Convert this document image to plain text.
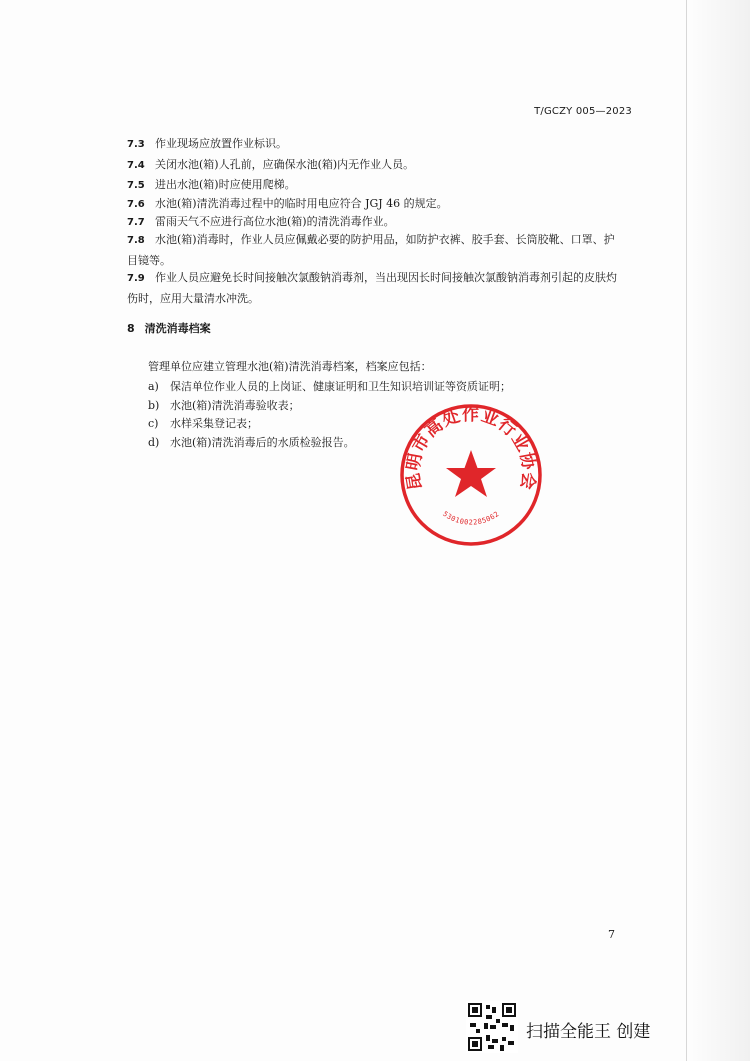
T/GCZY 005—2023
7.3 作业现场应放置作业标识。
7.4 关闭水池(箱)人孔前，应确保水池(箱)内无作业人员。
7.5 进出水池(箱)时应使用爬梯。
7.6 水池(箱)清洗消毒过程中的临时用电应符合 JGJ 46 的规定。
7.7 雷雨天气不应进行高位水池(箱)的清洗消毒作业。
7.8 水池(箱)消毒时，作业人员应佩戴必要的防护用品，如防护衣裤、胶手套、长筒胶靴、口罩、护
目镜等。
7.9 作业人员应避免长时间接触次氯酸钠消毒剂，当出现因长时间接触次氯酸钠消毒剂引起的皮肤灼
伤时，应用大量清水冲洗。
8 清洗消毒档案
管理单位应建立管理水池(箱)清洗消毒档案，档案应包括：
a) 保洁单位作业人员的上岗证、健康证明和卫生知识培训证等资质证明；
b) 水池(箱)清洗消毒验收表；
c) 水样采集登记表；
d) 水池(箱)清洗消毒后的水质检验报告。
昆明市高处作业行业协会
5301002285062
7
扫描全能王 创建
